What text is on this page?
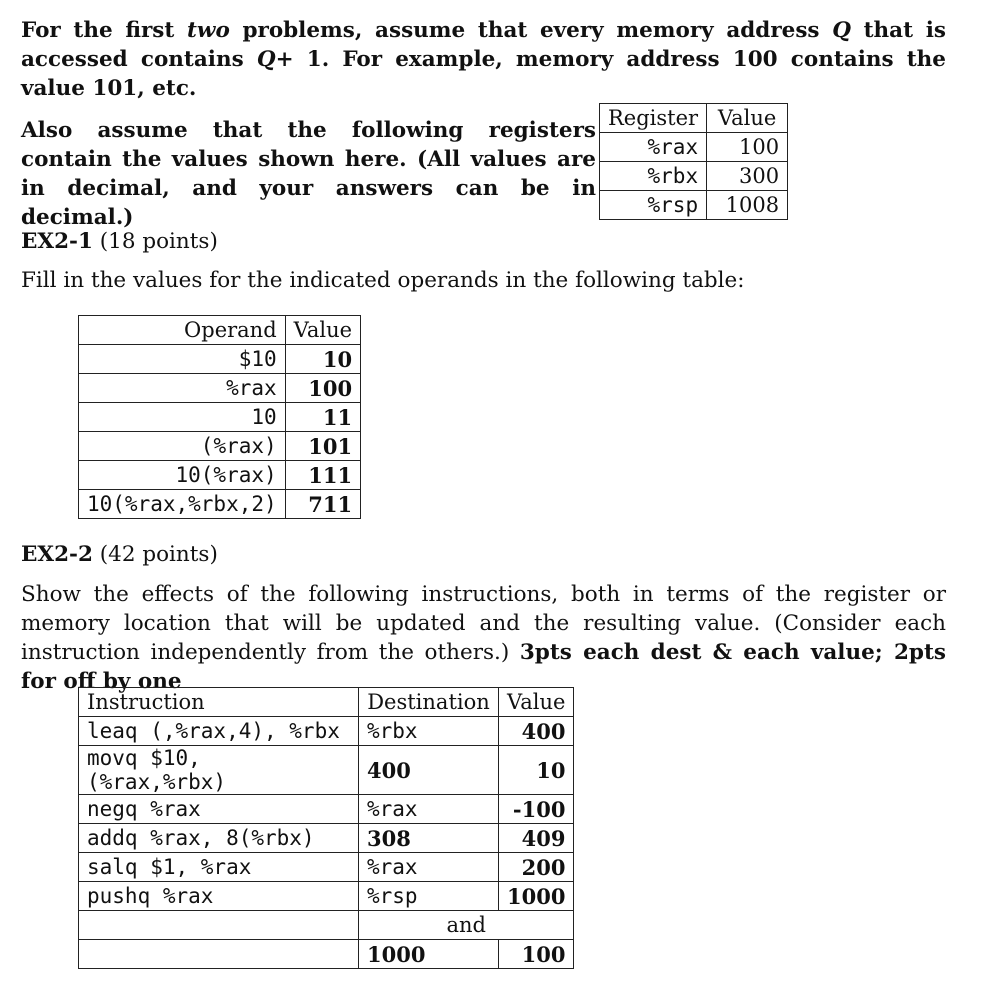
For the first two problems, assume that every memory address Q that is accessed contains Q+ 1. For example, memory address 100 contains the value 101, etc.

Also assume that the following registers contain the values shown here. (All values are in decimal, and your answers can be in decimal.)

Register	Value
%rax	100
%rbx	300
%rsp	1008

EX2-1 (18 points)

Fill in the values for the indicated operands in the following table:

Operand	Value
$10	10
%rax	100
10	11
(%rax)	101
10(%rax)	111
10(%rax,%rbx,2)	711

EX2-2 (42 points)

Show the effects of the following instructions, both in terms of the register or memory location that will be updated and the resulting value. (Consider each instruction independently from the others.) 3pts each dest & each value; 2pts for off by one

Instruction	Destination	Value
leaq (,%rax,4), %rbx	%rbx	400
movq $10, (%rax,%rbx)	400	10
negq %rax	%rax	-100
addq %rax, 8(%rbx)	308	409
salq $1, %rax	%rax	200
pushq %rax	%rsp	1000
	and	
	1000	100
